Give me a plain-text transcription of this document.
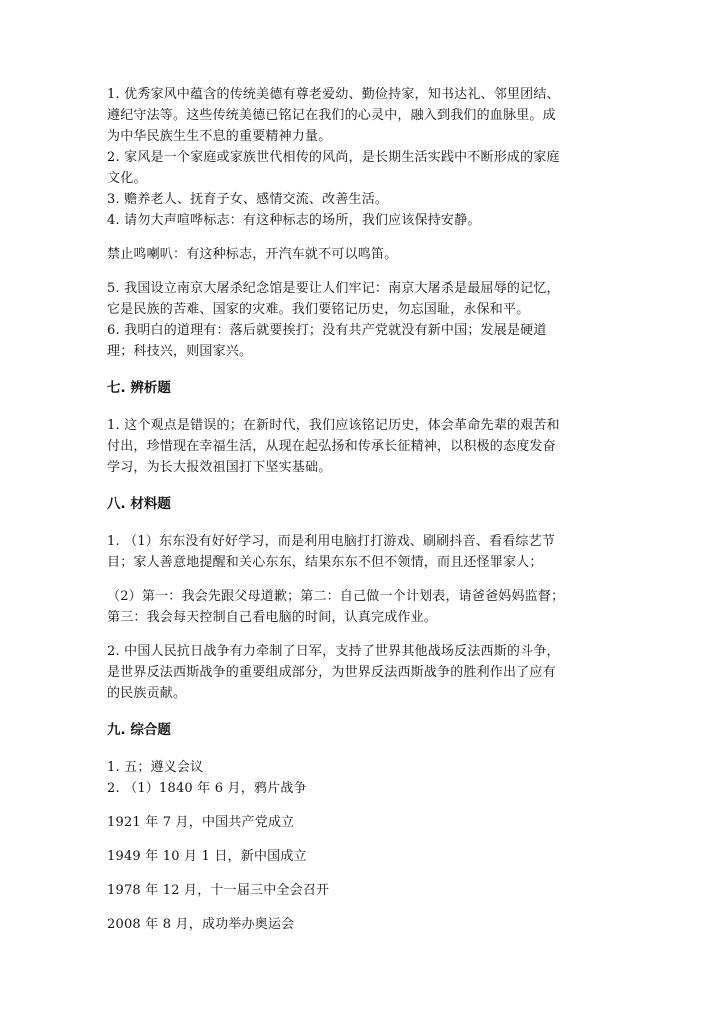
1. 优秀家风中蕴含的传统美德有尊老爱幼、勤俭持家，知书达礼、邻里团结、

遵纪守法等。这些传统美德已铭记在我们的心灵中，融入到我们的血脉里。成

为中华民族生生不息的重要精神力量。

2. 家风是一个家庭或家族世代相传的风尚，是长期生活实践中不断形成的家庭

文化。

3. 赡养老人、抚育子女、感情交流、改善生活。

4. 请勿大声喧哗标志：有这种标志的场所，我们应该保持安静。

禁止鸣喇叭：有这种标志，开汽车就不可以鸣笛。

5. 我国设立南京大屠杀纪念馆是要让人们牢记：南京大屠杀是最屈辱的记忆，

它是民族的苦难、国家的灾难。我们要铭记历史，勿忘国耻，永保和平。

6. 我明白的道理有：落后就要挨打；没有共产党就没有新中国；发展是硬道

理；科技兴，则国家兴。

七. 辨析题

1. 这个观点是错误的；在新时代，我们应该铭记历史，体会革命先辈的艰苦和

付出，珍惜现在幸福生活，从现在起弘扬和传承长征精神，以积极的态度发奋

学习，为长大报效祖国打下坚实基础。

八. 材料题

1. （1）东东没有好好学习，而是利用电脑打打游戏、刷刷抖音、看看综艺节

目；家人善意地提醒和关心东东，结果东东不但不领情，而且还怪罪家人；

（2）第一：我会先跟父母道歉；第二：自己做一个计划表，请爸爸妈妈监督；

第三：我会每天控制自己看电脑的时间，认真完成作业。

2. 中国人民抗日战争有力牵制了日军，支持了世界其他战场反法西斯的斗争，

是世界反法西斯战争的重要组成部分，为世界反法西斯战争的胜利作出了应有

的民族贡献。

九. 综合题

1. 五；遵义会议

2. （1）1840 年 6 月，鸦片战争

1921 年 7 月，中国共产党成立

1949 年 10 月 1 日，新中国成立

1978 年 12 月，十一届三中全会召开

2008 年 8 月，成功举办奥运会
